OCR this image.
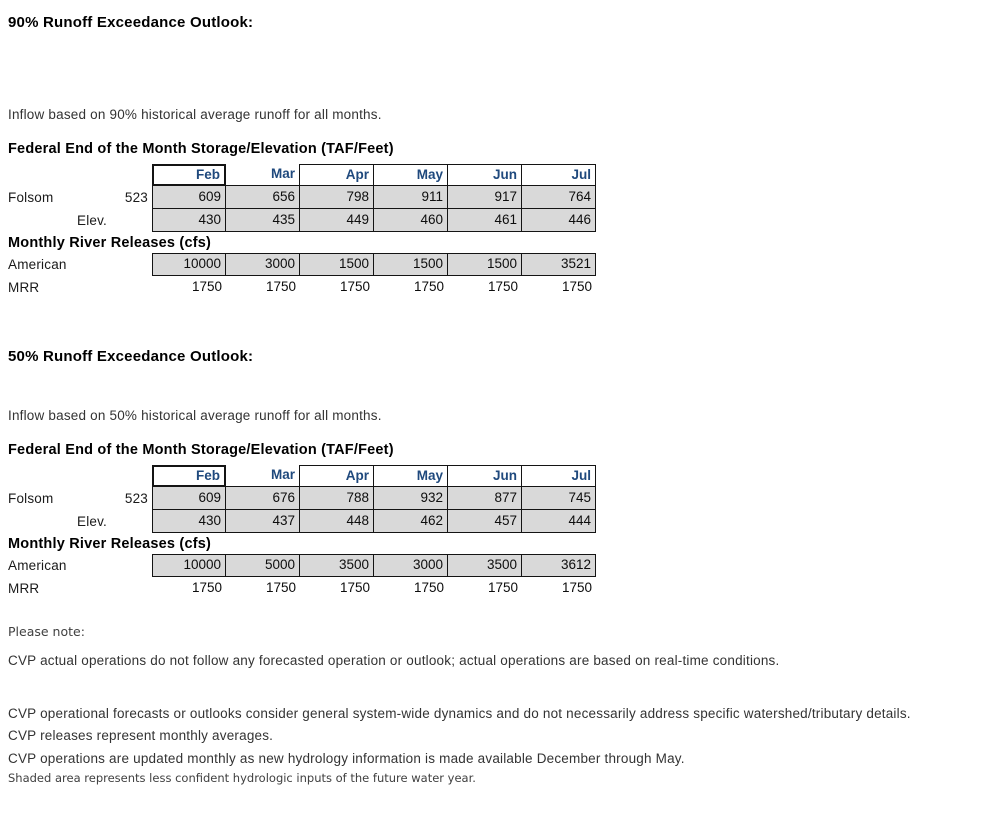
90% Runoff Exceedance Outlook:

Inflow based on 90% historical average runoff for all months.

Federal End of the Month Storage/Elevation (TAF/Feet)
Feb	Mar	Apr	May	Jun	Jul
Folsom	523	609	656	798	911	917	764
Elev.	430	435	449	460	461	446
Monthly River Releases (cfs)
American	10000	3000	1500	1500	1500	3521
MRR	1750	1750	1750	1750	1750	1750
50% Runoff Exceedance Outlook:

Inflow based on 50% historical average runoff for all months.

Federal End of the Month Storage/Elevation (TAF/Feet)
Feb	Mar	Apr	May	Jun	Jul
Folsom	523	609	676	788	932	877	745
Elev.	430	437	448	462	457	444
Monthly River Releases (cfs)
American	10000	5000	3500	3000	3500	3612
MRR	1750	1750	1750	1750	1750	1750

Please note:

CVP actual operations do not follow any forecasted operation or outlook; actual operations are based on real-time conditions.

CVP operational forecasts or outlooks consider general system-wide dynamics and do not necessarily address specific watershed/tributary details.

CVP releases represent monthly averages.

CVP operations are updated monthly as new hydrology information is made available December through May.

Shaded area represents less confident hydrologic inputs of the future water year.
